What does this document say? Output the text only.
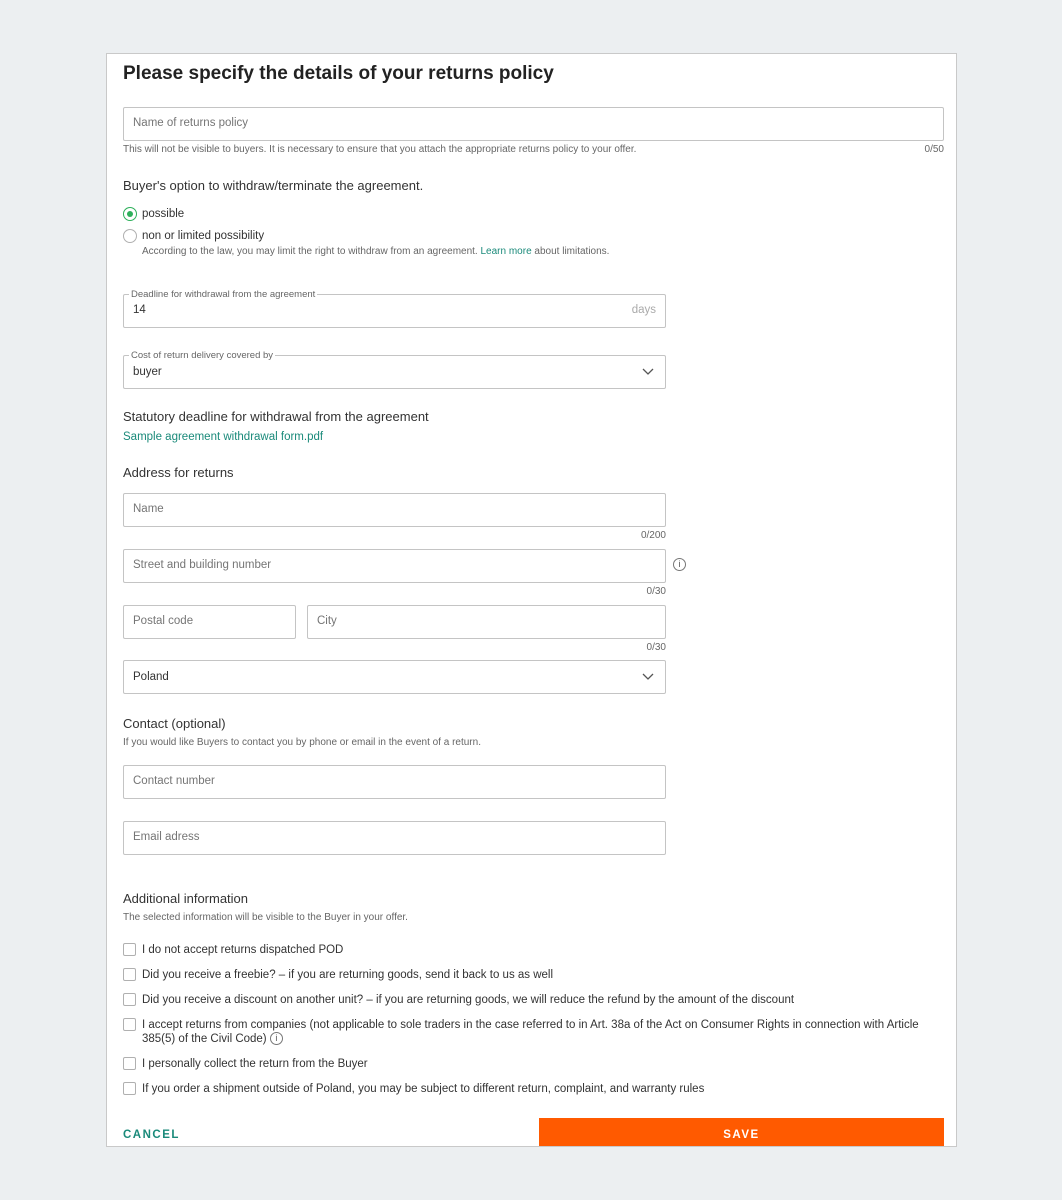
Please specify the details of your returns policy
Name of returns policy
This will not be visible to buyers. It is necessary to ensure that you attach the appropriate returns policy to your offer.	0/50
Buyer's option to withdraw/terminate the agreement.
possible
non or limited possibility
According to the law, you may limit the right to withdraw from an agreement. Learn more about limitations.
Deadline for withdrawal from the agreement
14	days
Cost of return delivery covered by
buyer
Statutory deadline for withdrawal from the agreement
Sample agreement withdrawal form.pdf
Address for returns
Name
0/200
Street and building number	i
0/30
Postal code	City
0/30
Poland
Contact (optional)
If you would like Buyers to contact you by phone or email in the event of a return.
Contact number
Email adress
Additional information
The selected information will be visible to the Buyer in your offer.
I do not accept returns dispatched POD
Did you receive a freebie? – if you are returning goods, send it back to us as well
Did you receive a discount on another unit? – if you are returning goods, we will reduce the refund by the amount of the discount
I accept returns from companies (not applicable to sole traders in the case referred to in Art. 38a of the Act on Consumer Rights in connection with Article 385(5) of the Civil Code) i
I personally collect the return from the Buyer
If you order a shipment outside of Poland, you may be subject to different return, complaint, and warranty rules
CANCEL	SAVE
